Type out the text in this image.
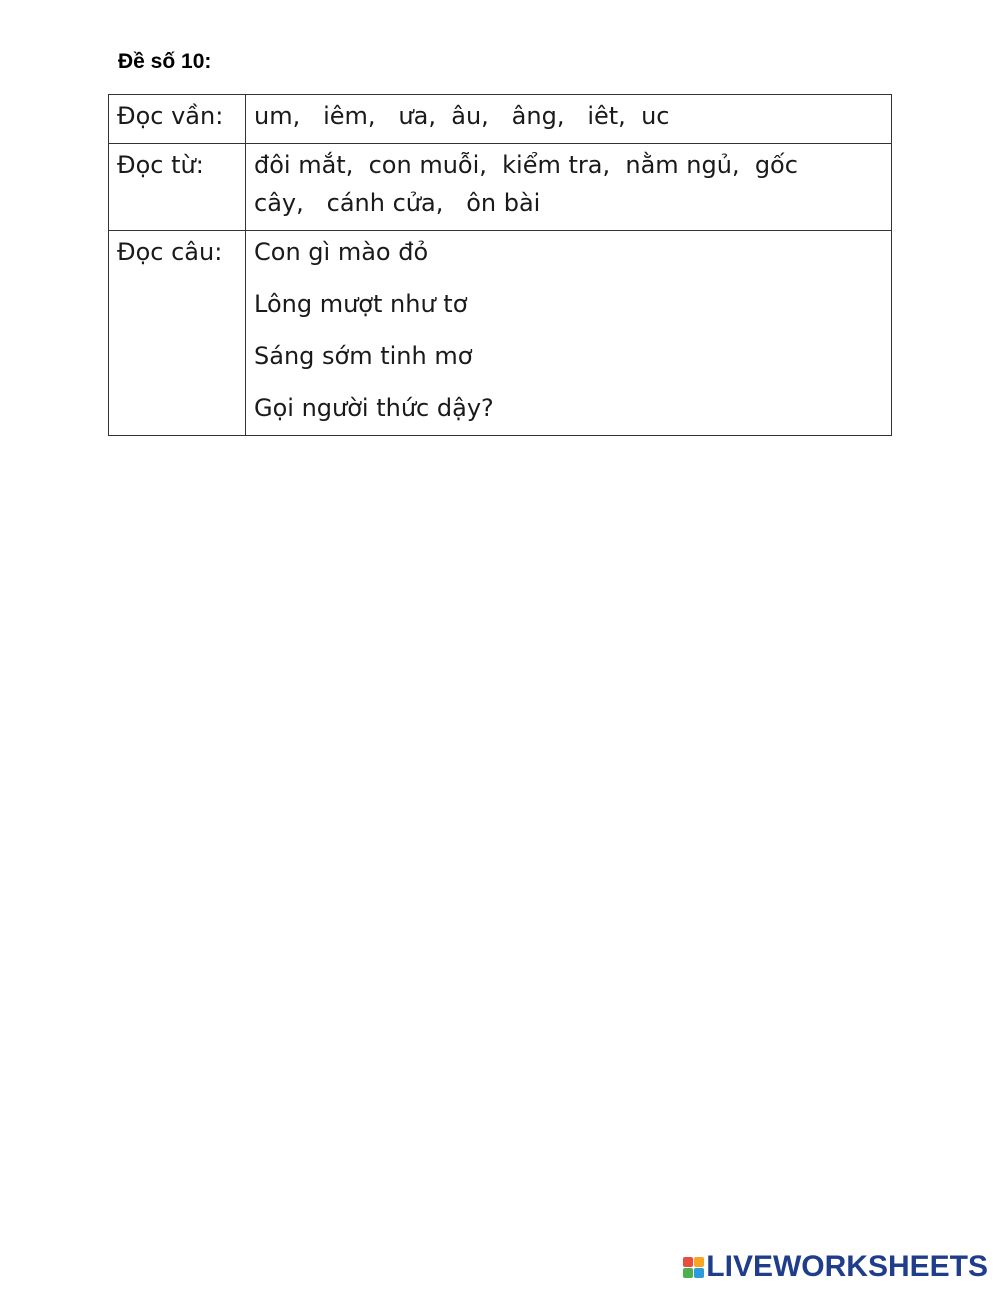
Đề số 10:
Đọc vần:	um,   iêm,   ưa,  âu,   âng,   iêt,  uc
Đọc từ:	đôi mắt,  con muỗi,  kiểm tra,  nằm ngủ,  gốc
cây,   cánh cửa,   ôn bài
Đọc câu:	Con gì mào đỏ
Lông mượt như tơ
Sáng sớm tinh mơ
Gọi người thức dậy?
LIVEWORKSHEETS
